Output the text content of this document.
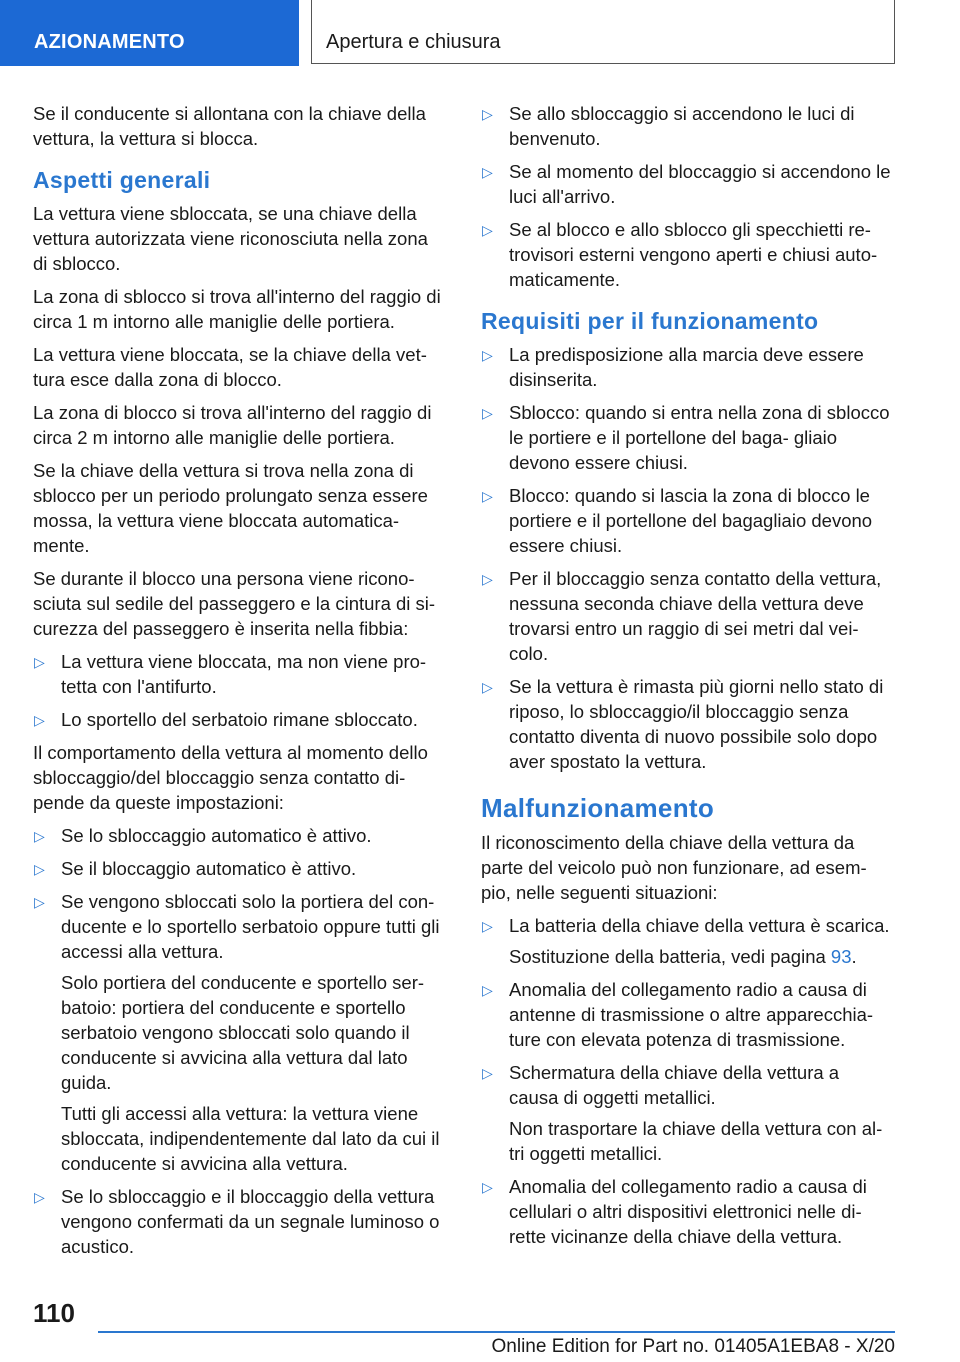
AZIONAMENTO	Apertura e chiusura

Se il conducente si allontana con la chiave della vettura, la vettura si blocca.

Aspetti generali

La vettura viene sbloccata, se una chiave della vettura autorizzata viene riconosciuta nella zona di sblocco.

La zona di sblocco si trova all'interno del raggio di circa 1 m intorno alle maniglie delle portiera.

La vettura viene bloccata, se la chiave della vet‐ tura esce dalla zona di blocco.

La zona di blocco si trova all'interno del raggio di circa 2 m intorno alle maniglie delle portiera.

Se la chiave della vettura si trova nella zona di sblocco per un periodo prolungato senza essere mossa, la vettura viene bloccata automatica‐ mente.

Se durante il blocco una persona viene ricono‐ sciuta sul sedile del passeggero e la cintura di si‐ curezza del passeggero è inserita nella fibbia:

▷ La vettura viene bloccata, ma non viene pro‐ tetta con l'antifurto.
▷ Lo sportello del serbatoio rimane sbloccato.

Il comportamento della vettura al momento dello sbloccaggio/del bloccaggio senza contatto di‐ pende da queste impostazioni:

▷ Se lo sbloccaggio automatico è attivo.
▷ Se il bloccaggio automatico è attivo.
▷ Se vengono sbloccati solo la portiera del con‐ ducente e lo sportello serbatoio oppure tutti gli accessi alla vettura.

Solo portiera del conducente e sportello ser‐ batoio: portiera del conducente e sportello serbatoio vengono sbloccati solo quando il conducente si avvicina alla vettura dal lato guida.

Tutti gli accessi alla vettura: la vettura viene sbloccata, indipendentemente dal lato da cui il conducente si avvicina alla vettura.

▷ Se lo sbloccaggio e il bloccaggio della vettura vengono confermati da un segnale luminoso o acustico.
▷ Se allo sbloccaggio si accendono le luci di benvenuto.
▷ Se al momento del bloccaggio si accendono le luci all'arrivo.
▷ Se al blocco e allo sblocco gli specchietti re‐ trovisori esterni vengono aperti e chiusi auto‐ maticamente.
Requisiti per il funzionamento
▷ La predisposizione alla marcia deve essere disinserita.
▷ Sblocco: quando si entra nella zona di sblocco le portiere e il portellone del baga‐ gliaio devono essere chiusi.
▷ Blocco: quando si lascia la zona di blocco le portiere e il portellone del bagagliaio devono essere chiusi.
▷ Per il bloccaggio senza contatto della vettura, nessuna seconda chiave della vettura deve trovarsi entro un raggio di sei metri dal vei‐ colo.
▷ Se la vettura è rimasta più giorni nello stato di riposo, lo sbloccaggio/il bloccaggio senza contatto diventa di nuovo possibile solo dopo aver spostato la vettura.
Malfunzionamento

Il riconoscimento della chiave della vettura da parte del veicolo può non funzionare, ad esem‐ pio, nelle seguenti situazioni:

▷ La batteria della chiave della vettura è scarica.

Sostituzione della batteria, vedi pagina 93.

▷ Anomalia del collegamento radio a causa di antenne di trasmissione o altre apparecchia‐ ture con elevata potenza di trasmissione.
▷ Schermatura della chiave della vettura a causa di oggetti metallici.

Non trasportare la chiave della vettura con al‐ tri oggetti metallici.

▷ Anomalia del collegamento radio a causa di cellulari o altri dispositivi elettronici nelle di‐ rette vicinanze della chiave della vettura.
110
Online Edition for Part no. 01405A1EBA8 - X/20
